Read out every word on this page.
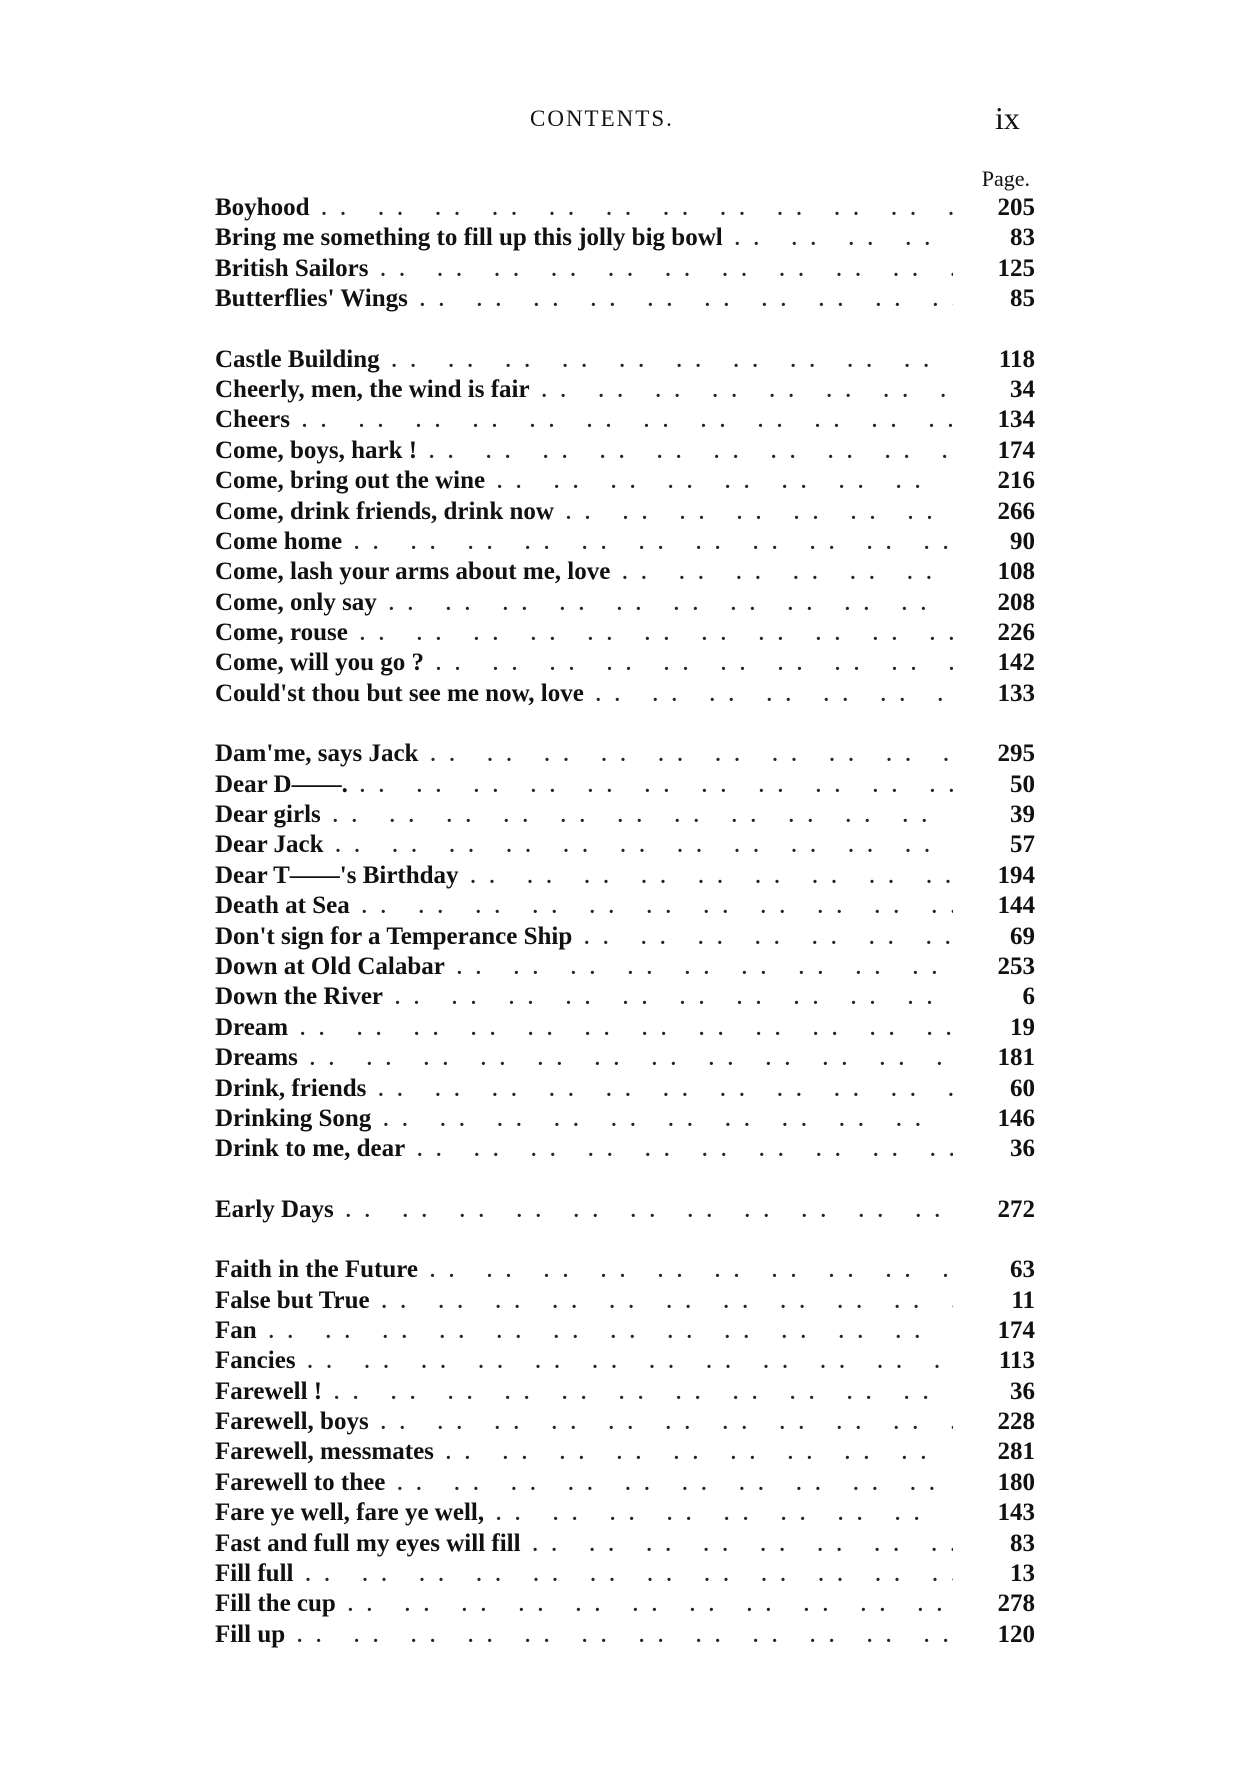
CONTENTS.	ix
Page.
Boyhood .. ..	205
Bring me something to fill up this jolly big bowl .. ..	83
British Sailors .. ..	125
Butterflies' Wings .. ..	85
Castle Building .. ..	118
Cheerly, men, the wind is fair .. ..	34
Cheers .. ..	134
Come, boys, hark ! .. ..	174
Come, bring out the wine .. ..	216
Come, drink friends, drink now .. ..	266
Come home .. ..	90
Come, lash your arms about me, love .. ..	108
Come, only say .. ..	208
Come, rouse .. ..	226
Come, will you go ? .. ..	142
Could'st thou but see me now, love .. ..	133
Dam'me, says Jack .. ..	295
Dear D——. .. ..	50
Dear girls .. ..	39
Dear Jack .. ..	57
Dear T——'s Birthday .. ..	194
Death at Sea .. ..	144
Don't sign for a Temperance Ship .. ..	69
Down at Old Calabar .. ..	253
Down the River .. ..	6
Dream .. ..	19
Dreams .. ..	181
Drink, friends .. ..	60
Drinking Song .. ..	146
Drink to me, dear .. ..	36
Early Days .. ..	272
Faith in the Future .. ..	63
False but True .. ..	11
Fan .. ..	174
Fancies .. ..	113
Farewell ! .. ..	36
Farewell, boys .. ..	228
Farewell, messmates .. ..	281
Farewell to thee .. ..	180
Fare ye well, fare ye well, .. ..	143
Fast and full my eyes will fill .. ..	83
Fill full .. ..	13
Fill the cup .. ..	278
Fill up .. ..	120
